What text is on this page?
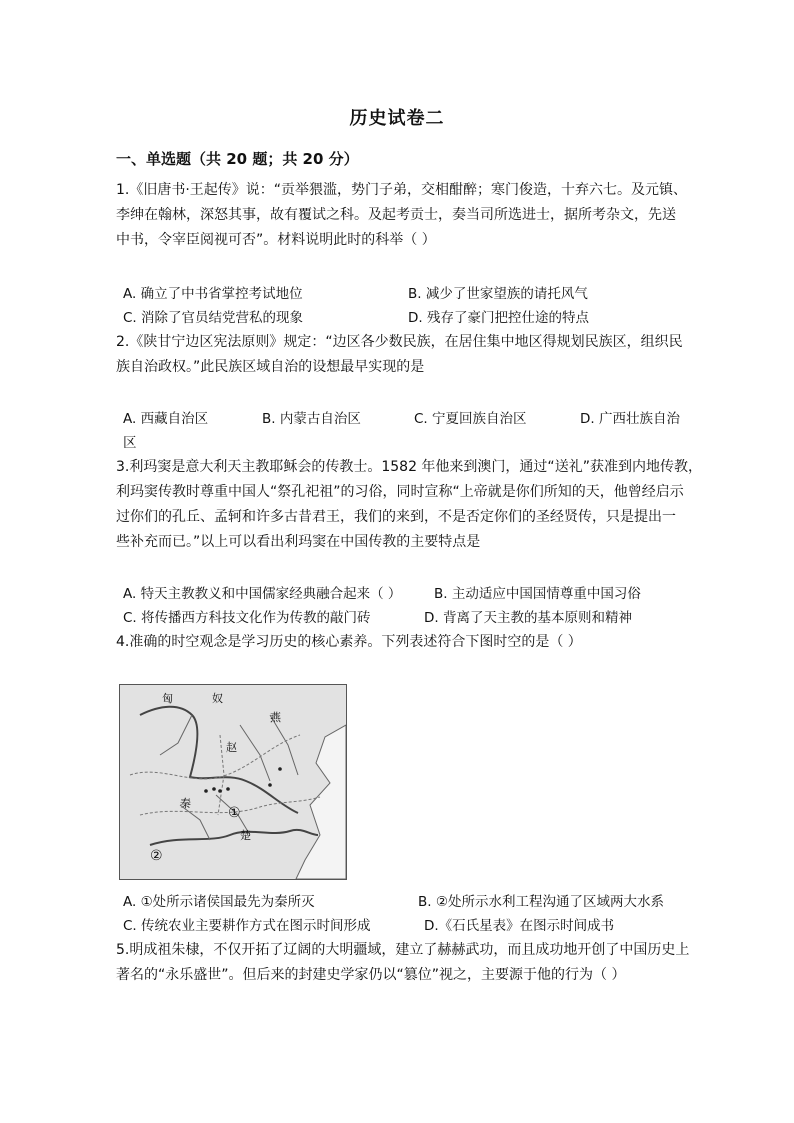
历史试卷二
一、单选题（共 20 题；共 20 分）
1.《旧唐书·王起传》说：“贡举猥滥，势门子弟，交相酣醉；寒门俊造，十弃六七。及元镇、
李绅在翰林，深怒其事，故有覆试之科。及起考贡士，奏当司所选进士，据所考杂文，先送
中书，令宰臣阅视可否”。材料说明此时的科举（ ）
A. 确立了中书省掌控考试地位	B. 减少了世家望族的请托风气
C. 消除了官员结党营私的现象	D. 残存了豪门把控仕途的特点
2.《陕甘宁边区宪法原则》规定：“边区各少数民族，在居住集中地区得规划民族区，组织民
族自治政权。”此民族区域自治的设想最早实现的是
A. 西藏自治区	B. 内蒙古自治区	C. 宁夏回族自治区	D. 广西壮族自治
区
3.利玛窦是意大利天主教耶稣会的传教士。1582 年他来到澳门，通过“送礼”获准到内地传教，
利玛窦传教时尊重中国人“祭孔祀祖”的习俗，同时宣称“上帝就是你们所知的天，他曾经启示
过你们的孔丘、孟轲和许多古昔君王，我们的来到，不是否定你们的圣经贤传，只是提出一
些补充而已。”以上可以看出利玛窦在中国传教的主要特点是
A. 特天主教教义和中国儒家经典融合起来（ ） B. 主动适应中国国情尊重中国习俗
C. 将传播西方科技文化作为传教的敲门砖	D. 背离了天主教的基本原则和精神
4.准确的时空观念是学习历史的核心素养。下列表述符合下图时空的是（ ）
匈	奴
燕
赵
秦
楚
①
②
A. ①处所示诸侯国最先为秦所灭	B. ②处所示水利工程沟通了区域两大水系
C. 传统农业主要耕作方式在图示时间形成	D.《石氏星表》在图示时间成书
5.明成祖朱棣，不仅开拓了辽阔的大明疆域，建立了赫赫武功，而且成功地开创了中国历史上
著名的“永乐盛世”。但后来的封建史学家仍以“篡位”视之，主要源于他的行为（ ）
